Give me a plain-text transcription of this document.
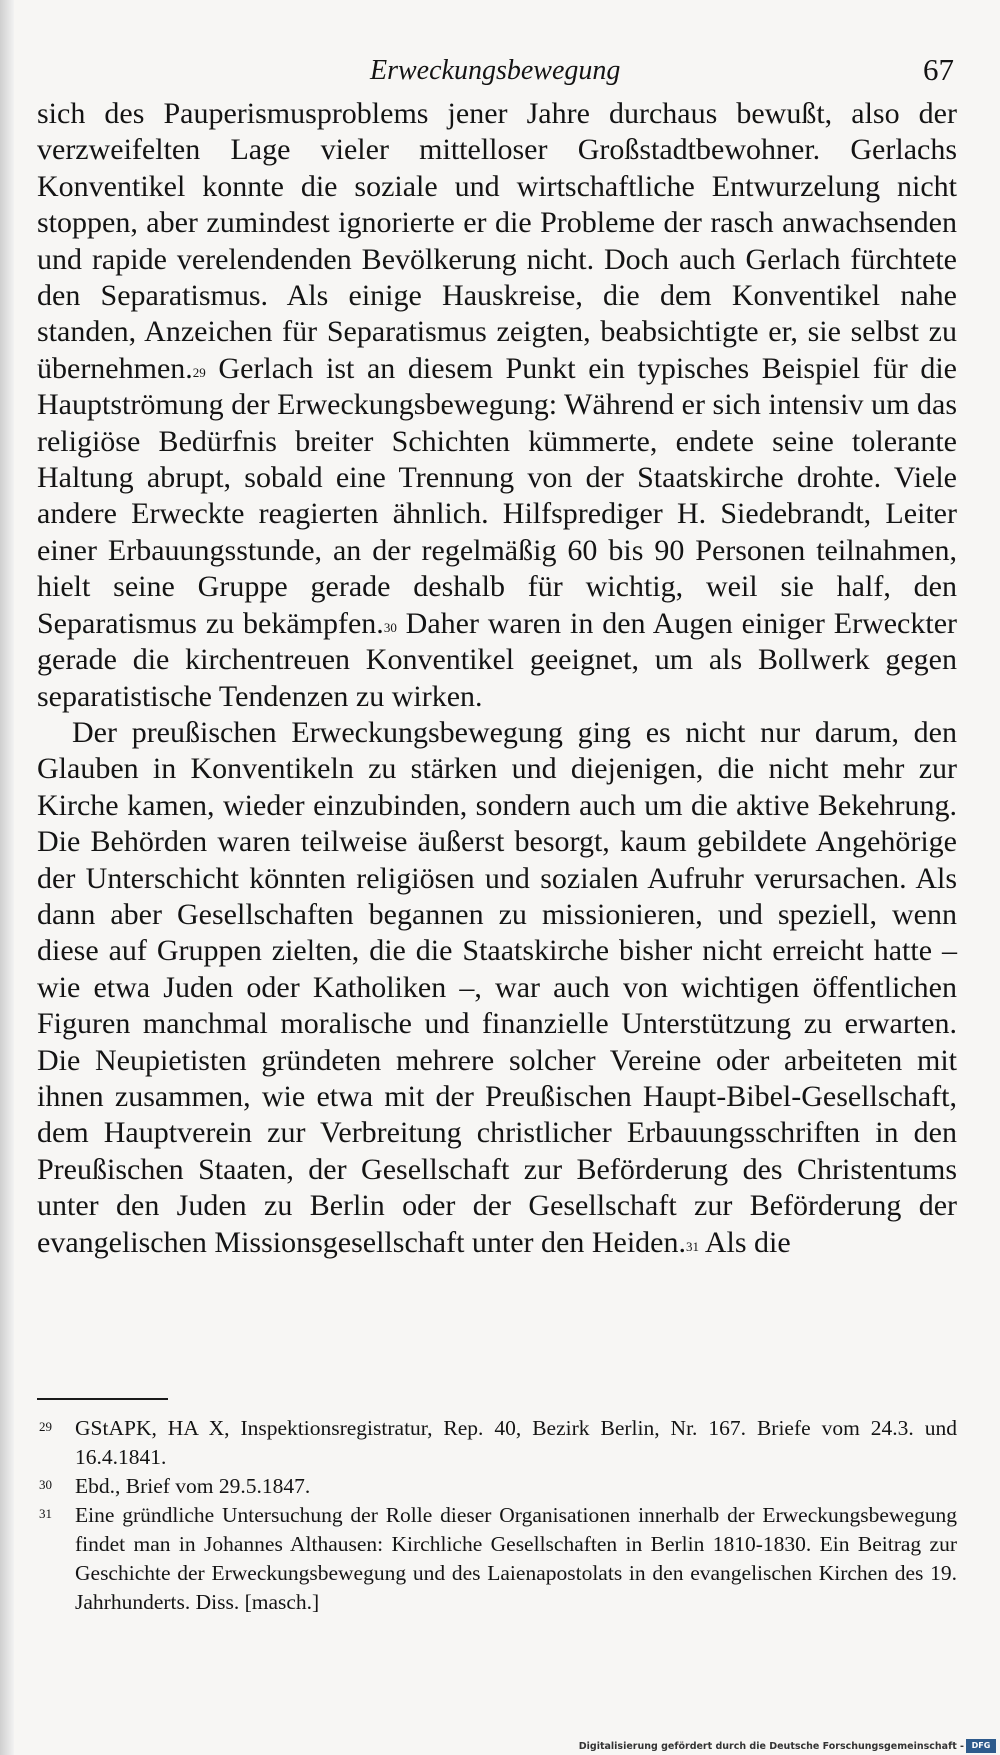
Erweckungsbewegung	67

sich des Pauperismusproblems jener Jahre durchaus bewußt, also der verzweifelten Lage vieler mittelloser Großstadtbewohner. Gerlachs Konventikel konnte die soziale und wirtschaftliche Entwurzelung nicht stoppen, aber zumindest ignorierte er die Probleme der rasch anwachsenden und rapide verelendenden Bevölkerung nicht. Doch auch Gerlach fürchtete den Separatismus. Als einige Hauskreise, die dem Konventikel nahe standen, Anzeichen für Separatismus zeigten, beabsichtigte er, sie selbst zu übernehmen.$^{29}$ Gerlach ist an diesem Punkt ein typisches Beispiel für die Hauptströmung der Erweckungsbewegung: Während er sich intensiv um das religiöse Bedürfnis breiter Schichten kümmerte, endete seine tolerante Haltung abrupt, sobald eine Trennung von der Staatskirche drohte. Viele andere Erweckte reagierten ähnlich. Hilfsprediger H. Siedebrandt, Leiter einer Erbauungsstunde, an der regelmäßig 60 bis 90 Personen teilnahmen, hielt seine Gruppe gerade deshalb für wichtig, weil sie half, den Separatismus zu bekämpfen.$^{30}$ Daher waren in den Augen einiger Erweckter gerade die kirchentreuen Konventikel geeignet, um als Bollwerk gegen separatistische Tendenzen zu wirken.

Der preußischen Erweckungsbewegung ging es nicht nur darum, den Glauben in Konventikeln zu stärken und diejenigen, die nicht mehr zur Kirche kamen, wieder einzubinden, sondern auch um die aktive Bekehrung. Die Behörden waren teilweise äußerst besorgt, kaum gebildete Angehörige der Unterschicht könnten religiösen und sozialen Aufruhr verursachen. Als dann aber Gesellschaften begannen zu missionieren, und speziell, wenn diese auf Gruppen zielten, die die Staatskirche bisher nicht erreicht hatte – wie etwa Juden oder Katholiken –, war auch von wichtigen öffentlichen Figuren manchmal moralische und finanzielle Unterstützung zu erwarten. Die Neupietisten gründeten mehrere solcher Vereine oder arbeiteten mit ihnen zusammen, wie etwa mit der Preußischen Haupt-Bibel-Gesellschaft, dem Hauptverein zur Verbreitung christlicher Erbauungsschriften in den Preußischen Staaten, der Gesellschaft zur Beförderung des Christentums unter den Juden zu Berlin oder der Gesellschaft zur Beförderung der evangelischen Missionsgesellschaft unter den Heiden.$^{31}$ Als die

29 GStAPK, HA X, Inspektionsregistratur, Rep. 40, Bezirk Berlin, Nr. 167. Briefe vom 24.3. und 16.4.1841.

30 Ebd., Brief vom 29.5.1847.

31 Eine gründliche Untersuchung der Rolle dieser Organisationen innerhalb der Erweckungsbewegung findet man in Johannes Althausen: Kirchliche Gesellschaften in Berlin 1810-1830. Ein Beitrag zur Geschichte der Erweckungsbewegung und des Laienapostolats in den evangelischen Kirchen des 19. Jahrhunderts. Diss. [masch.]

Digitalisierung gefördert durch die Deutsche Forschungsgemeinschaft - DFG
